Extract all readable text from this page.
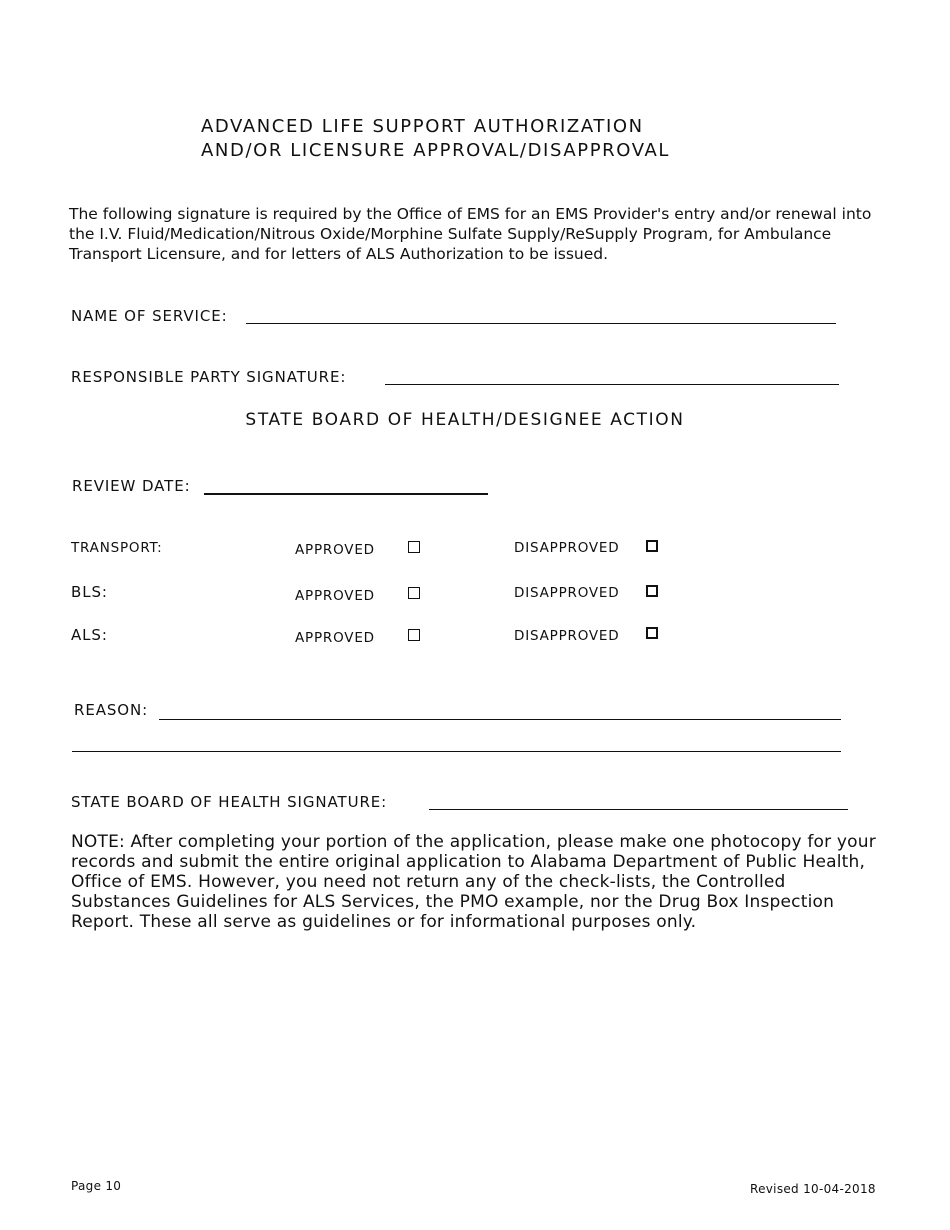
ADVANCED LIFE SUPPORT AUTHORIZATION
AND/OR LICENSURE APPROVAL/DISAPPROVAL
The following signature is required by the Office of EMS for an EMS Provider's entry and/or renewal into the I.V. Fluid/Medication/Nitrous Oxide/Morphine Sulfate Supply/ReSupply Program, for Ambulance Transport Licensure, and for letters of ALS Authorization to be issued.
NAME OF SERVICE:
RESPONSIBLE PARTY SIGNATURE:
STATE BOARD OF HEALTH/DESIGNEE ACTION
REVIEW DATE:
TRANSPORT:	APPROVED	DISAPPROVED
BLS:	APPROVED	DISAPPROVED
ALS:	APPROVED	DISAPPROVED
REASON:
STATE BOARD OF HEALTH SIGNATURE:
NOTE: After completing your portion of the application, please make one photocopy for your records and submit the entire original application to Alabama Department of Public Health, Office of EMS. However, you need not return any of the check-lists, the Controlled Substances Guidelines for ALS Services, the PMO example, nor the Drug Box Inspection Report. These all serve as guidelines or for informational purposes only.
Page 10	Revised 10-04-2018
